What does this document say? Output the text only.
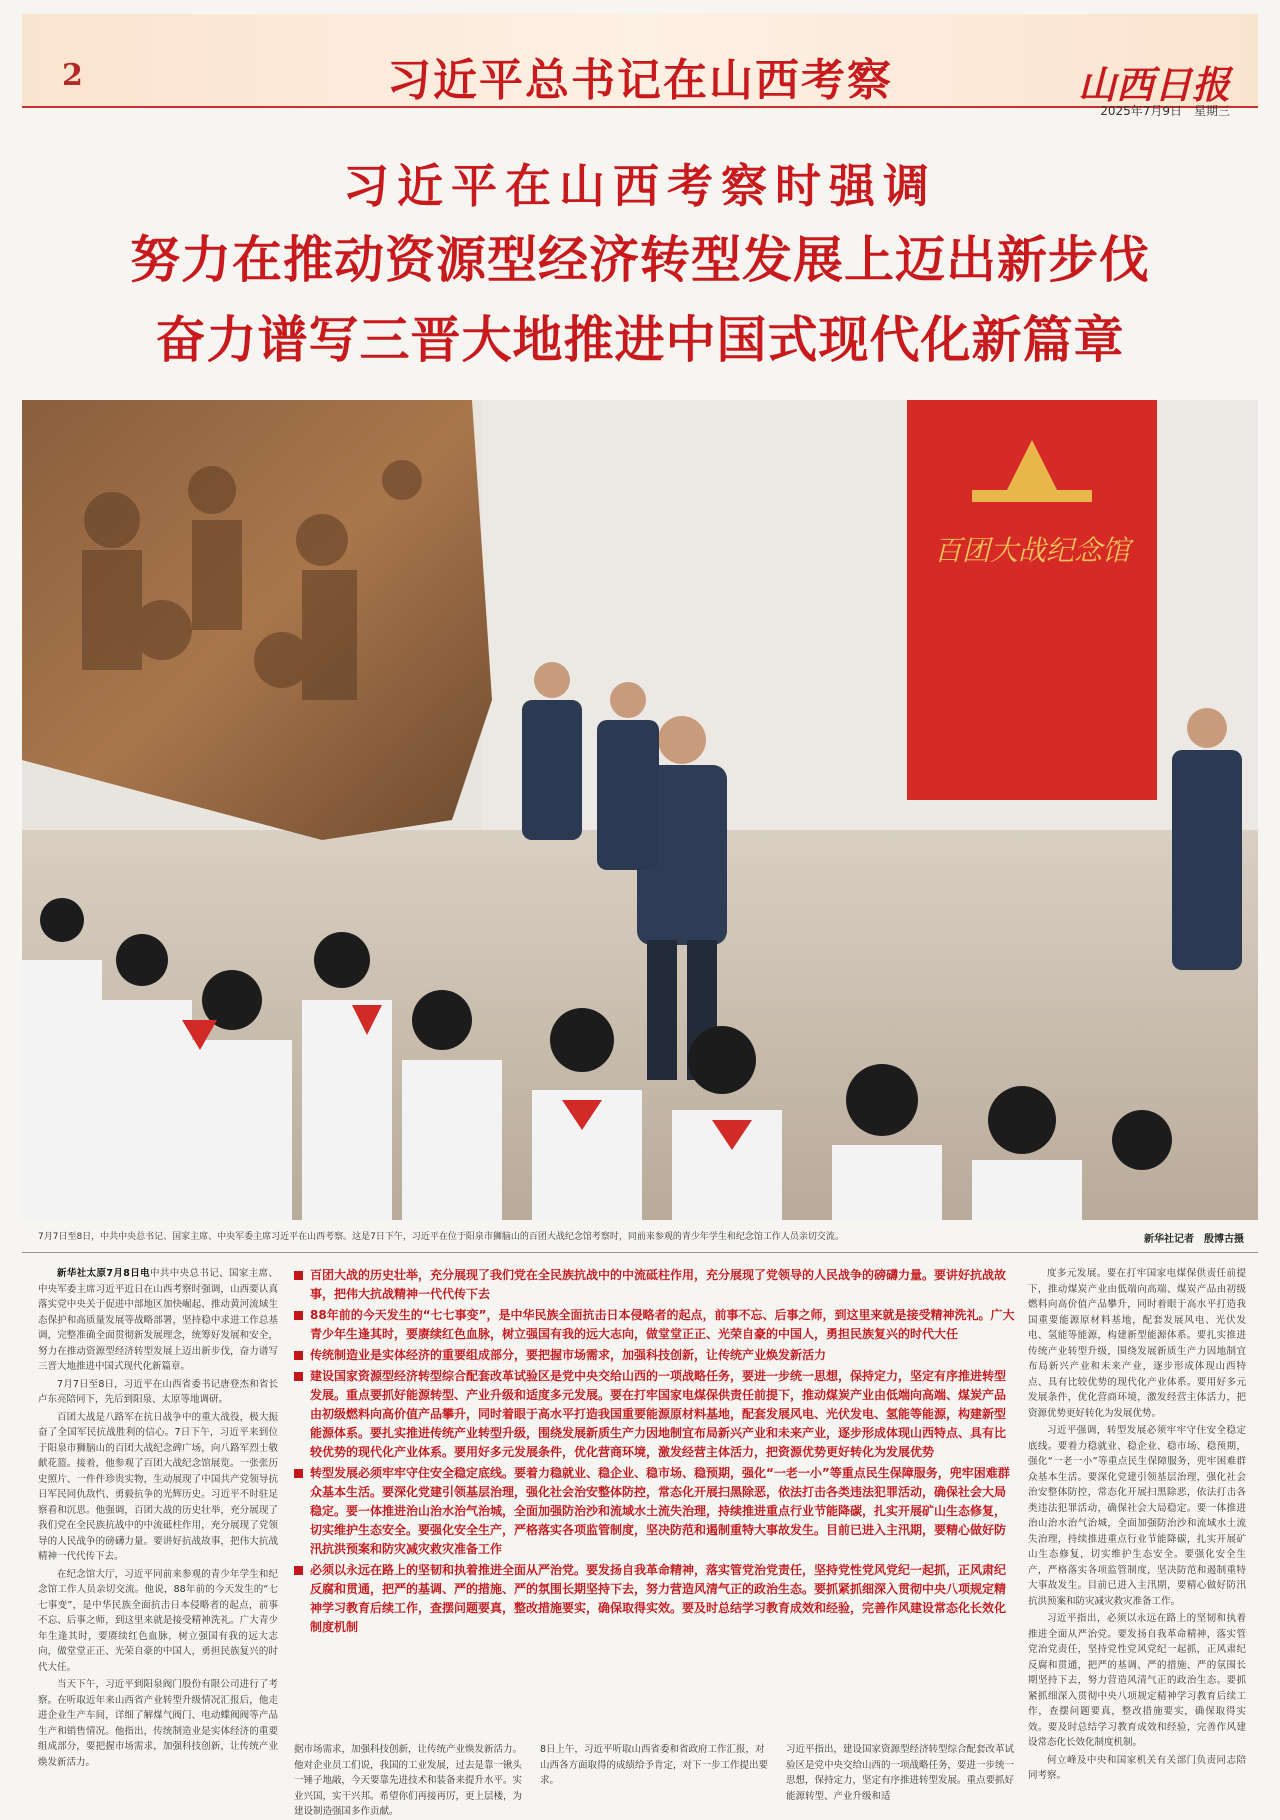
2	习近平总书记在山西考察	山西日报
2025年7月9日　星期三
习近平在山西考察时强调
努力在推动资源型经济转型发展上迈出新步伐
奋力谱写三晋大地推进中国式现代化新篇章
百团大战纪念馆
7月7日至8日，中共中央总书记、国家主席、中央军委主席习近平在山西考察。这是7日下午，习近平在位于阳泉市狮脑山的百团大战纪念馆考察时，同前来参观的青少年学生和纪念馆工作人员亲切交流。	新华社记者　殷博古摄

新华社太原7月8日电中共中央总书记、国家主席、中央军委主席习近平近日在山西考察时强调，山西要认真落实党中央关于促进中部地区加快崛起、推动黄河流域生态保护和高质量发展等战略部署，坚持稳中求进工作总基调，完整准确全面贯彻新发展理念，统筹好发展和安全，努力在推动资源型经济转型发展上迈出新步伐，奋力谱写三晋大地推进中国式现代化新篇章。

7月7日至8日，习近平在山西省委书记唐登杰和省长卢东亮陪同下，先后到阳泉、太原等地调研。

百团大战是八路军在抗日战争中的重大战役，极大振奋了全国军民抗战胜利的信心。7日下午，习近平来到位于阳泉市狮脑山的百团大战纪念碑广场，向八路军烈士敬献花篮。接着，他参观了百团大战纪念馆展览。一张张历史照片、一件件珍贵实物，生动展现了中国共产党领导抗日军民同仇敌忾、勇毅抗争的光辉历史。习近平不时驻足察看和沉思。他强调，百团大战的历史壮举，充分展现了我们党在全民族抗战中的中流砥柱作用，充分展现了党领导的人民战争的磅礴力量。要讲好抗战故事，把伟大抗战精神一代代传下去。

在纪念馆大厅，习近平同前来参观的青少年学生和纪念馆工作人员亲切交流。他说，88年前的今天发生的“七七事变”，是中华民族全面抗击日本侵略者的起点，前事不忘、后事之师，到这里来就是接受精神洗礼。广大青少年生逢其时，要赓续红色血脉，树立强国有我的远大志向，做堂堂正正、光荣自豪的中国人，勇担民族复兴的时代大任。

当天下午，习近平到阳泉阀门股份有限公司进行了考察。在听取近年来山西省产业转型升级情况汇报后，他走进企业生产车间，详细了解煤气阀门、电动蝶阀阀等产品生产和销售情况。他指出，传统制造业是实体经济的重要组成部分，要把握市场需求，加强科技创新，让传统产业焕发新活力。

百团大战的历史壮举，充分展现了我们党在全民族抗战中的中流砥柱作用，充分展现了党领导的人民战争的磅礴力量。要讲好抗战故事，把伟大抗战精神一代代传下去
88年前的今天发生的“七七事变”，是中华民族全面抗击日本侵略者的起点，前事不忘、后事之师，到这里来就是接受精神洗礼。广大青少年生逢其时，要赓续红色血脉，树立强国有我的远大志向，做堂堂正正、光荣自豪的中国人，勇担民族复兴的时代大任
传统制造业是实体经济的重要组成部分，要把握市场需求，加强科技创新，让传统产业焕发新活力
建设国家资源型经济转型综合配套改革试验区是党中央交给山西的一项战略任务，要进一步统一思想，保持定力，坚定有序推进转型发展。重点要抓好能源转型、产业升级和适度多元发展。要在打牢国家电煤保供责任前提下，推动煤炭产业由低端向高端、煤炭产品由初级燃料向高价值产品攀升，同时着眼于高水平打造我国重要能源原材料基地，配套发展风电、光伏发电、氢能等能源，构建新型能源体系。要扎实推进传统产业转型升级，围绕发展新质生产力因地制宜布局新兴产业和未来产业，逐步形成体现山西特点、具有比较优势的现代化产业体系。要用好多元发展条件，优化营商环境，激发经营主体活力，把资源优势更好转化为发展优势
转型发展必须牢牢守住安全稳定底线。要着力稳就业、稳企业、稳市场、稳预期，强化“一老一小”等重点民生保障服务，兜牢困难群众基本生活。要深化党建引领基层治理，强化社会治安整体防控，常态化开展扫黑除恶，依法打击各类违法犯罪活动，确保社会大局稳定。要一体推进治山治水治气治城，全面加强防治沙和流域水土流失治理，持续推进重点行业节能降碳，扎实开展矿山生态修复，切实维护生态安全。要强化安全生产，严格落实各项监管制度，坚决防范和遏制重特大事故发生。目前已进入主汛期，要精心做好防汛抗洪预案和防灾减灾救灾准备工作
必须以永远在路上的坚韧和执着推进全面从严治党。要发扬自我革命精神，落实管党治党责任，坚持党性党风党纪一起抓，正风肃纪反腐和贯通，把严的基调、严的措施、严的氛围长期坚持下去，努力营造风清气正的政治生态。要抓紧抓细深入贯彻中央八项规定精神学习教育后续工作，查摆问题要真，整改措施要实，确保取得实效。要及时总结学习教育成效和经验，完善作风建设常态化长效化制度机制

度多元发展。要在打牢国家电煤保供责任前提下，推动煤炭产业由低端向高端、煤炭产品由初级燃料向高价值产品攀升，同时着眼于高水平打造我国重要能源原材料基地，配套发展风电、光伏发电、氢能等能源，构建新型能源体系。要扎实推进传统产业转型升级，围绕发展新质生产力因地制宜布局新兴产业和未来产业，逐步形成体现山西特点、具有比较优势的现代化产业体系。要用好多元发展条件，优化营商环境，激发经营主体活力，把资源优势更好转化为发展优势。

习近平强调，转型发展必须牢牢守住安全稳定底线。要着力稳就业、稳企业、稳市场、稳预期，强化“一老一小”等重点民生保障服务，兜牢困难群众基本生活。要深化党建引领基层治理，强化社会治安整体防控，常态化开展扫黑除恶，依法打击各类违法犯罪活动，确保社会大局稳定。要一体推进治山治水治气治城，全面加强防治沙和流域水土流失治理，持续推进重点行业节能降碳，扎实开展矿山生态修复，切实维护生态安全。要强化安全生产，严格落实各项监管制度，坚决防范和遏制重特大事故发生。目前已进入主汛期，要精心做好防汛抗洪预案和防灾减灾救灾准备工作。

习近平指出，必须以永远在路上的坚韧和执着推进全面从严治党。要发扬自我革命精神，落实管党治党责任，坚持党性党风党纪一起抓，正风肃纪反腐和贯通，把严的基调、严的措施、严的氛围长期坚持下去，努力营造风清气正的政治生态。要抓紧抓细深入贯彻中央八项规定精神学习教育后续工作，查摆问题要真，整改措施要实，确保取得实效。要及时总结学习教育成效和经验，完善作风建设常态化长效化制度机制。

何立峰及中央和国家机关有关部门负责同志陪同考察。

据市场需求，加强科技创新，让传统产业焕发新活力。他对企业员工们说，我国的工业发展，过去是靠一锹头一锤子地敲，今天要靠先进技术和装备来提升水平。实业兴国，实干兴邦。希望你们再接再厉，更上层楼，为建设制造强国多作贡献。
8日上午，习近平听取山西省委和省政府工作汇报，对山西各方面取得的成绩给予肯定，对下一步工作提出要求。
习近平指出，建设国家资源型经济转型综合配套改革试验区是党中央交给山西的一项战略任务，要进一步统一思想，保持定力，坚定有序推进转型发展。重点要抓好能源转型、产业升级和适
